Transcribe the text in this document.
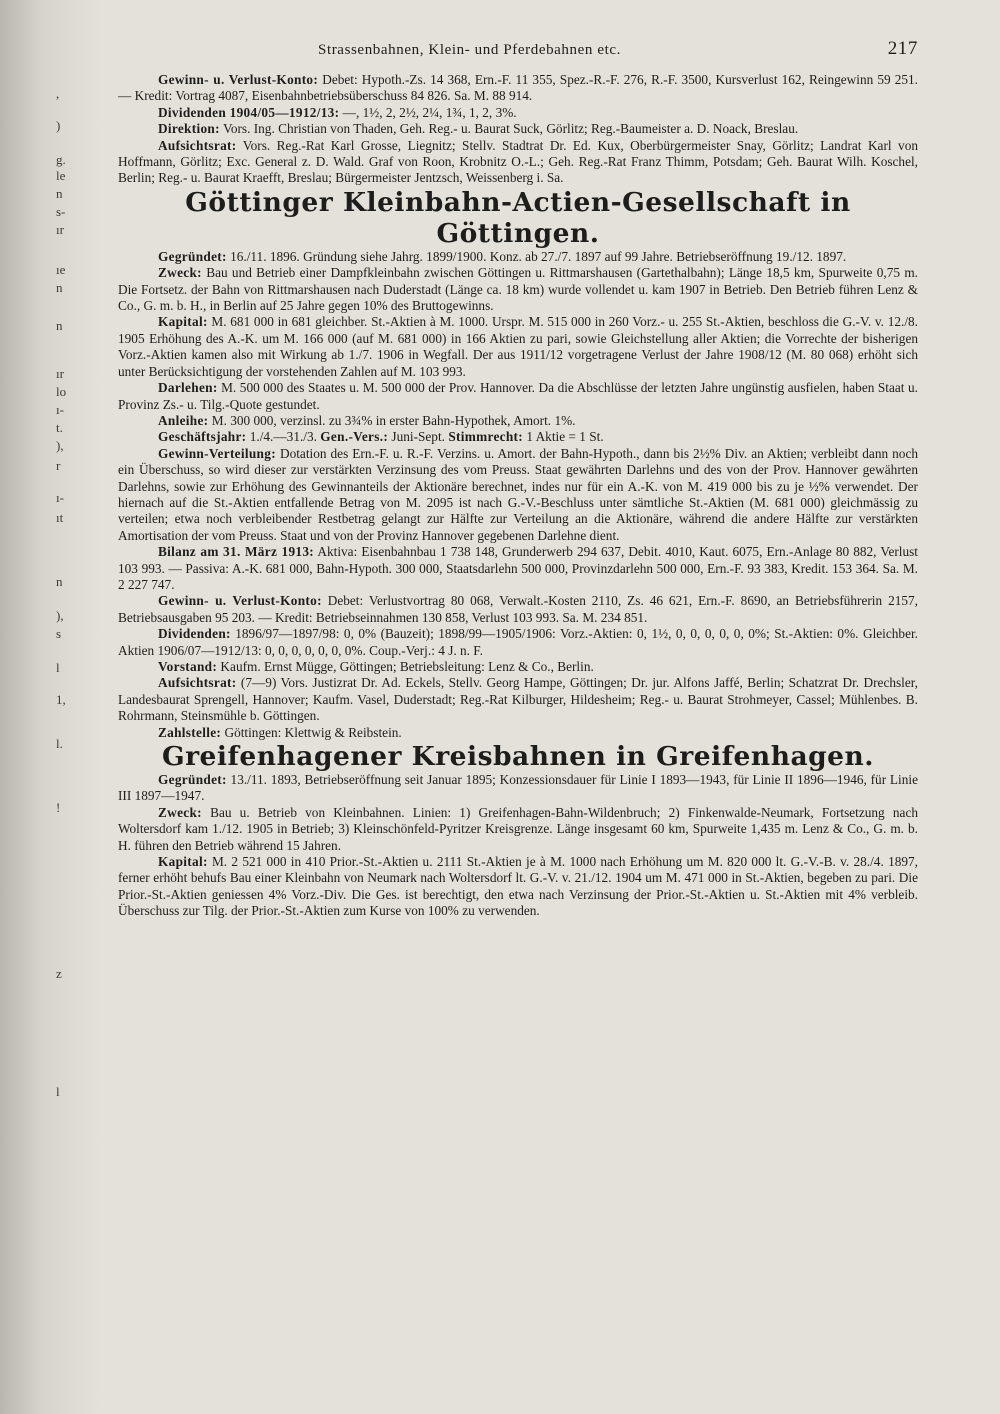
,
)
g.
le
n
s-
ır
ıe
n
n
ır
lo
ı-
t.
),
r
ı-
ıt
n
),
s
l
1,
l.
!
z
l
Strassenbahnen, Klein- und Pferdebahnen etc.	217

Gewinn- u. Verlust-Konto: Debet: Hypoth.-Zs. 14 368, Ern.-F. 11 355, Spez.-R.-F. 276, R.-F. 3500, Kursverlust 162, Reingewinn 59 251. — Kredit: Vortrag 4087, Eisenbahnbetriebsüberschuss 84 826. Sa. M. 88 914.

Dividenden 1904/05—1912/13: —, 1½, 2, 2½, 2¼, 1¾, 1, 2, 3%.

Direktion: Vors. Ing. Christian von Thaden, Geh. Reg.- u. Baurat Suck, Görlitz; Reg.-Baumeister a. D. Noack, Breslau.

Aufsichtsrat: Vors. Reg.-Rat Karl Grosse, Liegnitz; Stellv. Stadtrat Dr. Ed. Kux, Oberbürgermeister Snay, Görlitz; Landrat Karl von Hoffmann, Görlitz; Exc. General z. D. Wald. Graf von Roon, Krobnitz O.-L.; Geh. Reg.-Rat Franz Thimm, Potsdam; Geh. Baurat Wilh. Koschel, Berlin; Reg.- u. Baurat Kraefft, Breslau; Bürgermeister Jentzsch, Weissenberg i. Sa.

Göttinger Kleinbahn-Actien-Gesellschaft in Göttingen.

Gegründet: 16./11. 1896. Gründung siehe Jahrg. 1899/1900. Konz. ab 27./7. 1897 auf 99 Jahre. Betriebseröffnung 19./12. 1897.

Zweck: Bau und Betrieb einer Dampfkleinbahn zwischen Göttingen u. Rittmarshausen (Gartethalbahn); Länge 18,5 km, Spurweite 0,75 m. Die Fortsetz. der Bahn von Rittmarshausen nach Duderstadt (Länge ca. 18 km) wurde vollendet u. kam 1907 in Betrieb. Den Betrieb führen Lenz & Co., G. m. b. H., in Berlin auf 25 Jahre gegen 10% des Bruttogewinns.

Kapital: M. 681 000 in 681 gleichber. St.-Aktien à M. 1000. Urspr. M. 515 000 in 260 Vorz.- u. 255 St.-Aktien, beschloss die G.-V. v. 12./8. 1905 Erhöhung des A.-K. um M. 166 000 (auf M. 681 000) in 166 Aktien zu pari, sowie Gleichstellung aller Aktien; die Vorrechte der bisherigen Vorz.-Aktien kamen also mit Wirkung ab 1./7. 1906 in Wegfall. Der aus 1911/12 vorgetragene Verlust der Jahre 1908/12 (M. 80 068) erhöht sich unter Berücksichtigung der vorstehenden Zahlen auf M. 103 993.

Darlehen: M. 500 000 des Staates u. M. 500 000 der Prov. Hannover. Da die Abschlüsse der letzten Jahre ungünstig ausfielen, haben Staat u. Provinz Zs.- u. Tilg.-Quote gestundet.

Anleihe: M. 300 000, verzinsl. zu 3¾% in erster Bahn-Hypothek, Amort. 1%.

Geschäftsjahr: 1./4.—31./3. Gen.-Vers.: Juni-Sept. Stimmrecht: 1 Aktie = 1 St.

Gewinn-Verteilung: Dotation des Ern.-F. u. R.-F. Verzins. u. Amort. der Bahn-Hypoth., dann bis 2½% Div. an Aktien; verbleibt dann noch ein Überschuss, so wird dieser zur verstärkten Verzinsung des vom Preuss. Staat gewährten Darlehns und des von der Prov. Hannover gewährten Darlehns, sowie zur Erhöhung des Gewinnanteils der Aktionäre berechnet, indes nur für ein A.-K. von M. 419 000 bis zu je ½% verwendet. Der hiernach auf die St.-Aktien entfallende Betrag von M. 2095 ist nach G.-V.-Beschluss unter sämtliche St.-Aktien (M. 681 000) gleichmässig zu verteilen; etwa noch verbleibender Restbetrag gelangt zur Hälfte zur Verteilung an die Aktionäre, während die andere Hälfte zur verstärkten Amortisation der vom Preuss. Staat und von der Provinz Hannover gegebenen Darlehne dient.

Bilanz am 31. März 1913: Aktiva: Eisenbahnbau 1 738 148, Grunderwerb 294 637, Debit. 4010, Kaut. 6075, Ern.-Anlage 80 882, Verlust 103 993. — Passiva: A.-K. 681 000, Bahn-Hypoth. 300 000, Staatsdarlehn 500 000, Provinzdarlehn 500 000, Ern.-F. 93 383, Kredit. 153 364. Sa. M. 2 227 747.

Gewinn- u. Verlust-Konto: Debet: Verlustvortrag 80 068, Verwalt.-Kosten 2110, Zs. 46 621, Ern.-F. 8690, an Betriebsführerin 2157, Betriebsausgaben 95 203. — Kredit: Betriebseinnahmen 130 858, Verlust 103 993. Sa. M. 234 851.

Dividenden: 1896/97—1897/98: 0, 0% (Bauzeit); 1898/99—1905/1906: Vorz.-Aktien: 0, 1½, 0, 0, 0, 0, 0, 0%; St.-Aktien: 0%. Gleichber. Aktien 1906/07—1912/13: 0, 0, 0, 0, 0, 0, 0%. Coup.-Verj.: 4 J. n. F.

Vorstand: Kaufm. Ernst Mügge, Göttingen; Betriebsleitung: Lenz & Co., Berlin.

Aufsichtsrat: (7—9) Vors. Justizrat Dr. Ad. Eckels, Stellv. Georg Hampe, Göttingen; Dr. jur. Alfons Jaffé, Berlin; Schatzrat Dr. Drechsler, Landesbaurat Sprengell, Hannover; Kaufm. Vasel, Duderstadt; Reg.-Rat Kilburger, Hildesheim; Reg.- u. Baurat Strohmeyer, Cassel; Mühlenbes. B. Rohrmann, Steinsmühle b. Göttingen.

Zahlstelle: Göttingen: Klettwig & Reibstein.

Greifenhagener Kreisbahnen in Greifenhagen.

Gegründet: 13./11. 1893, Betriebseröffnung seit Januar 1895; Konzessionsdauer für Linie I 1893—1943, für Linie II 1896—1946, für Linie III 1897—1947.

Zweck: Bau u. Betrieb von Kleinbahnen. Linien: 1) Greifenhagen-Bahn-Wildenbruch; 2) Finkenwalde-Neumark, Fortsetzung nach Woltersdorf kam 1./12. 1905 in Betrieb; 3) Kleinschönfeld-Pyritzer Kreisgrenze. Länge insgesamt 60 km, Spurweite 1,435 m. Lenz & Co., G. m. b. H. führen den Betrieb während 15 Jahren.

Kapital: M. 2 521 000 in 410 Prior.-St.-Aktien u. 2111 St.-Aktien je à M. 1000 nach Erhöhung um M. 820 000 lt. G.-V.-B. v. 28./4. 1897, ferner erhöht behufs Bau einer Kleinbahn von Neumark nach Woltersdorf lt. G.-V. v. 21./12. 1904 um M. 471 000 in St.-Aktien, begeben zu pari. Die Prior.-St.-Aktien geniessen 4% Vorz.-Div. Die Ges. ist berechtigt, den etwa nach Verzinsung der Prior.-St.-Aktien u. St.-Aktien mit 4% verbleib. Überschuss zur Tilg. der Prior.-St.-Aktien zum Kurse von 100% zu verwenden.
